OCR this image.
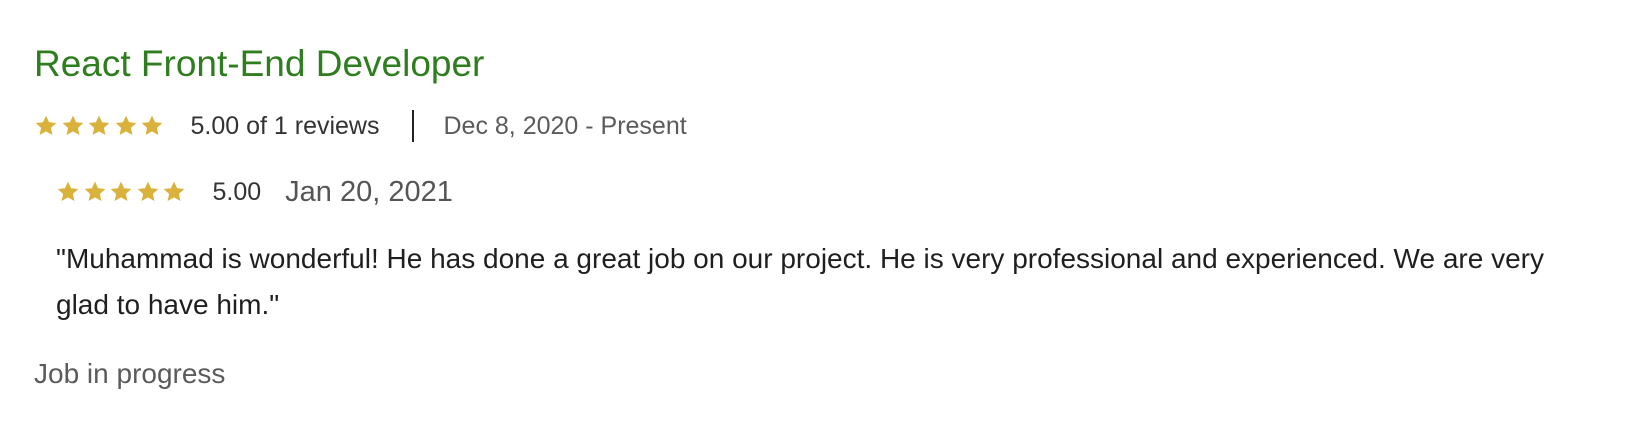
React Front-End Developer
5.00 of 1 reviews	Dec 8, 2020 - Present
5.00 Jan 20, 2021

"Muhammad is wonderful! He has done a great job on our project. He is very professional and experienced. We are very glad to have him."

Job in progress
